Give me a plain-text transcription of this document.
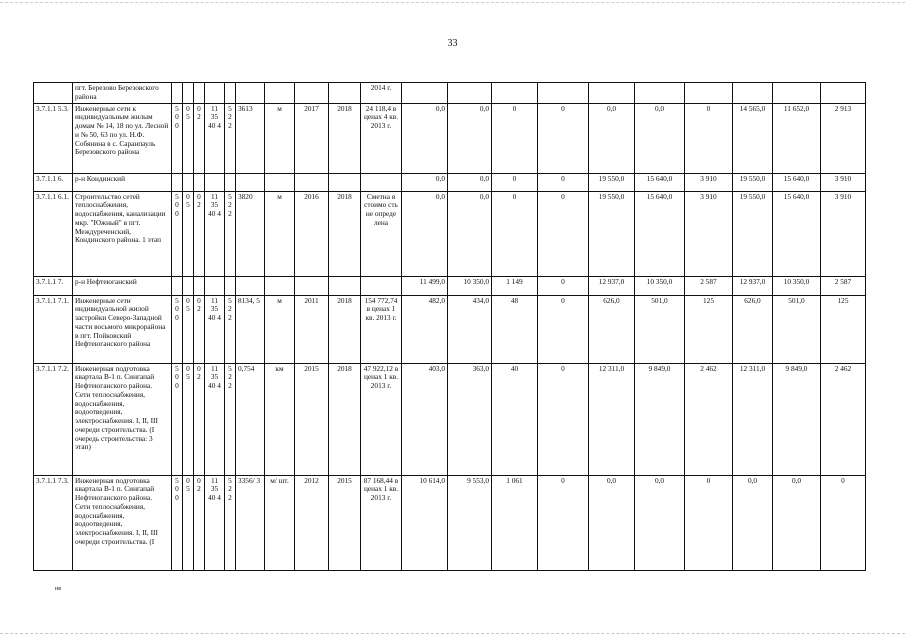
33
	пгт. Березово Березовского района										2014 г.										
3.7.1.1 5.3.	Инженерные сети к индивидуальным жилым домам № 14, 18 по ул. Лесной и № 50, 63 по ул. Н.Ф. Собянина в с. Саранпауль Березовского района	5 0 0	0 5	0 2	11 35 40 4	5 2 2	3613	м	2017	2018	24 118,4 в ценах 4 кв. 2013 г.	0,0	0,0	0	0	0,0	0,0	0	14 565,0	11 652,0	2 913
3.7.1.1 6.	р-н Кондинский											0,0	0,0	0	0	19 550,0	15 640,0	3 910	19 550,0	15 640,0	3 910
3.7.1.1 6.1.	Строительство сетей теплоснабжения, водоснабжения, канализации мкр. "Южный" в пгт. Междуреченский, Кондинского района. 1 этап	5 0 0	0 5	0 2	11 35 40 4	5 2 2	3820	м	2016	2018	Сметна я стоимо сть не опреде лена	0,0	0,0	0	0	19 550,0	15 640,0	3 910	19 550,0	15 640,0	3 910
3.7.1.1 7.	р-н Нефтеюганский											11 499,0	10 350,0	1 149	0	12 937,0	10 350,0	2 587	12 937,0	10 350,0	2 587
3.7.1.1 7.1.	Инженерные сети индивидуальной жилой застройки Северо-Западной части восьмого микрорайона в пгт. Пойковский Нефтеюганского района	5 0 0	0 5	0 2	11 35 40 4	5 2 2	8134, 5	м	2011	2018	154 772,74 в ценах 1 кв. 2013 г.	482,0	434,0	48	0	626,0	501,0	125	626,0	501,0	125
3.7.1.1 7.2.	Инженерная подготовка квартала В-1 п. Сингапай Нефтеюганского района. Сети теплоснабжения, водоснабжения, водоотведения, электроснабжения. I, II, III очереди строительства. (I очередь строительства: 3 этап)	5 0 0	0 5	0 2	11 35 40 4	5 2 2	0,754	км	2015	2018	47 922,12 в ценах 1 кв. 2013 г.	403,0	363,0	40	0	12 311,0	9 849,0	2 462	12 311,0	9 849,0	2 462
3.7.1.1 7.3.	Инженерная подготовка квартала В-1 п. Сингапай Нефтеюганского района. Сети теплоснабжения, водоснабжения, водоотведения, электроснабжения. I, II, III очереди строительства. (I	5 0 0	0 5	0 2	11 35 40 4	5 2 2	3356/ 3	м/ шт.	2012	2015	87 168,44 в ценах 1 кв. 2013 г.	10 614,0	9 553,0	1 061	0	0,0	0,0	0	0,0	0,0	0
нв
